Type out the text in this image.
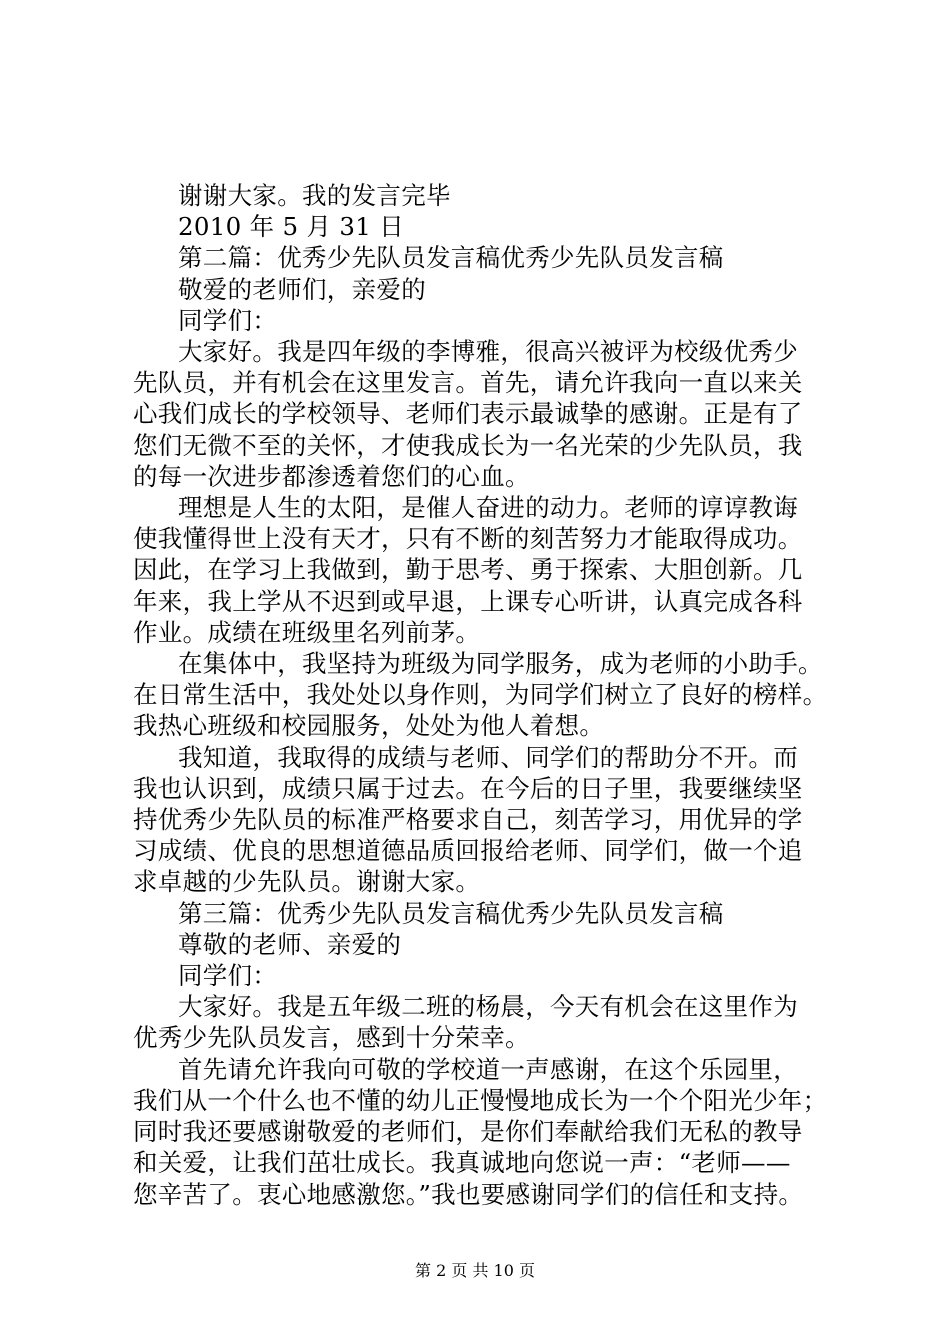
谢谢大家。我的发言完毕
2010 年 5 月 31 日
第二篇：优秀少先队员发言稿优秀少先队员发言稿
敬爱的老师们，亲爱的
同学们：
大家好。我是四年级的李博雅，很高兴被评为校级优秀少
先队员，并有机会在这里发言。首先，请允许我向一直以来关
心我们成长的学校领导、老师们表示最诚挚的感谢。正是有了
您们无微不至的关怀，才使我成长为一名光荣的少先队员，我
的每一次进步都渗透着您们的心血。
理想是人生的太阳，是催人奋进的动力。老师的谆谆教诲
使我懂得世上没有天才，只有不断的刻苦努力才能取得成功。
因此，在学习上我做到，勤于思考、勇于探索、大胆创新。几
年来，我上学从不迟到或早退，上课专心听讲，认真完成各科
作业。成绩在班级里名列前茅。
在集体中，我坚持为班级为同学服务，成为老师的小助手。
在日常生活中，我处处以身作则，为同学们树立了良好的榜样。
我热心班级和校园服务，处处为他人着想。
我知道，我取得的成绩与老师、同学们的帮助分不开。而
我也认识到，成绩只属于过去。在今后的日子里，我要继续坚
持优秀少先队员的标准严格要求自己，刻苦学习，用优异的学
习成绩、优良的思想道德品质回报给老师、同学们，做一个追
求卓越的少先队员。谢谢大家。
第三篇：优秀少先队员发言稿优秀少先队员发言稿
尊敬的老师、亲爱的
同学们：
大家好。我是五年级二班的杨晨，今天有机会在这里作为
优秀少先队员发言，感到十分荣幸。
首先请允许我向可敬的学校道一声感谢，在这个乐园里，
我们从一个什么也不懂的幼儿正慢慢地成长为一个个阳光少年；
同时我还要感谢敬爱的老师们，是你们奉献给我们无私的教导
和关爱，让我们茁壮成长。我真诚地向您说一声：“老师——
您辛苦了。衷心地感激您。”我也要感谢同学们的信任和支持。
第 2 页 共 10 页
